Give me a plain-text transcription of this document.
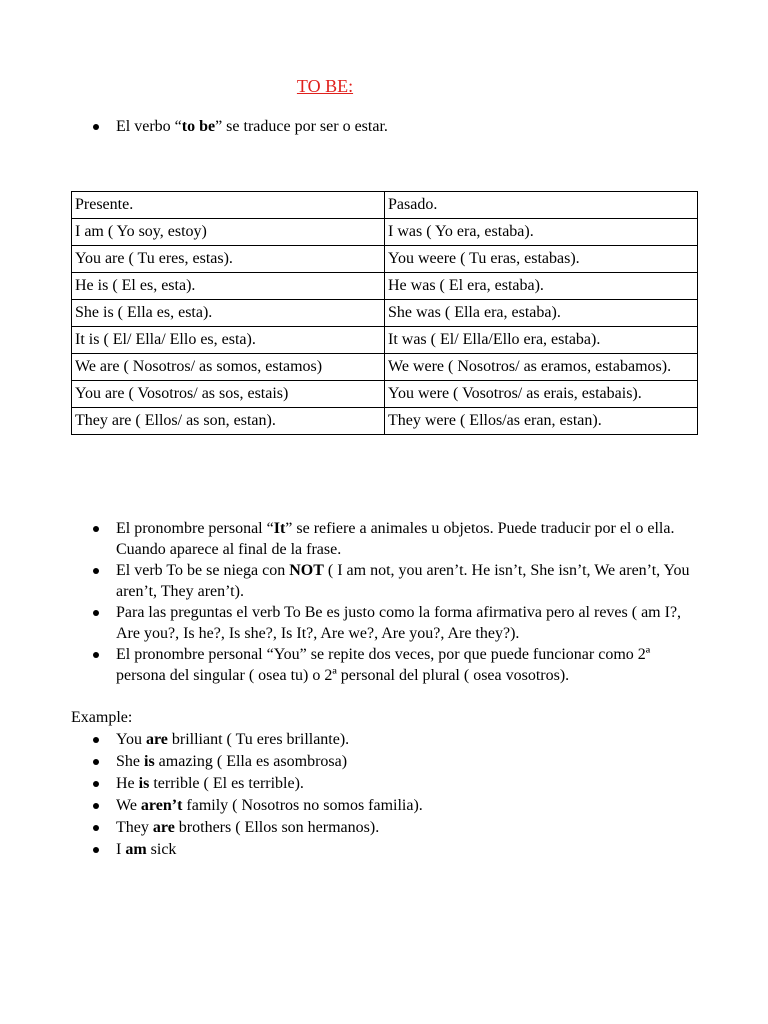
TO BE:
El verbo “to be” se traduce por ser o estar.
Presente.	Pasado.
I am ( Yo soy, estoy)	I was ( Yo era, estaba).
You are ( Tu eres, estas).	You weere ( Tu eras, estabas).
He is ( El es, esta).	He was ( El era, estaba).
She is ( Ella es, esta).	She was ( Ella era, estaba).
It is ( El/ Ella/ Ello es, esta).	It was ( El/ Ella/Ello era, estaba).
We are ( Nosotros/ as somos, estamos)	We were ( Nosotros/ as eramos, estabamos).
You are ( Vosotros/ as sos, estais)	You were ( Vosotros/ as erais, estabais).
They are ( Ellos/ as son, estan).	They were ( Ellos/as eran, estan).
El pronombre personal “It” se refiere a animales u objetos. Puede traducir por el o ella. Cuando aparece al final de la frase.
El verb To be se niega con NOT ( I am not, you aren’t. He isn’t, She isn’t, We aren’t, You aren’t, They aren’t).
Para las preguntas el verb To Be es justo como la forma afirmativa pero al reves ( am I?, Are you?, Is he?, Is she?, Is It?, Are we?, Are you?, Are they?).
El pronombre personal “You” se repite dos veces, por que puede funcionar como 2ª persona del singular ( osea tu) o 2ª personal del plural ( osea vosotros).
Example:
You are brilliant ( Tu eres brillante).
She is amazing ( Ella es asombrosa)
He is terrible ( El es terrible).
We aren’t family ( Nosotros no somos familia).
They are brothers ( Ellos son hermanos).
I am sick
